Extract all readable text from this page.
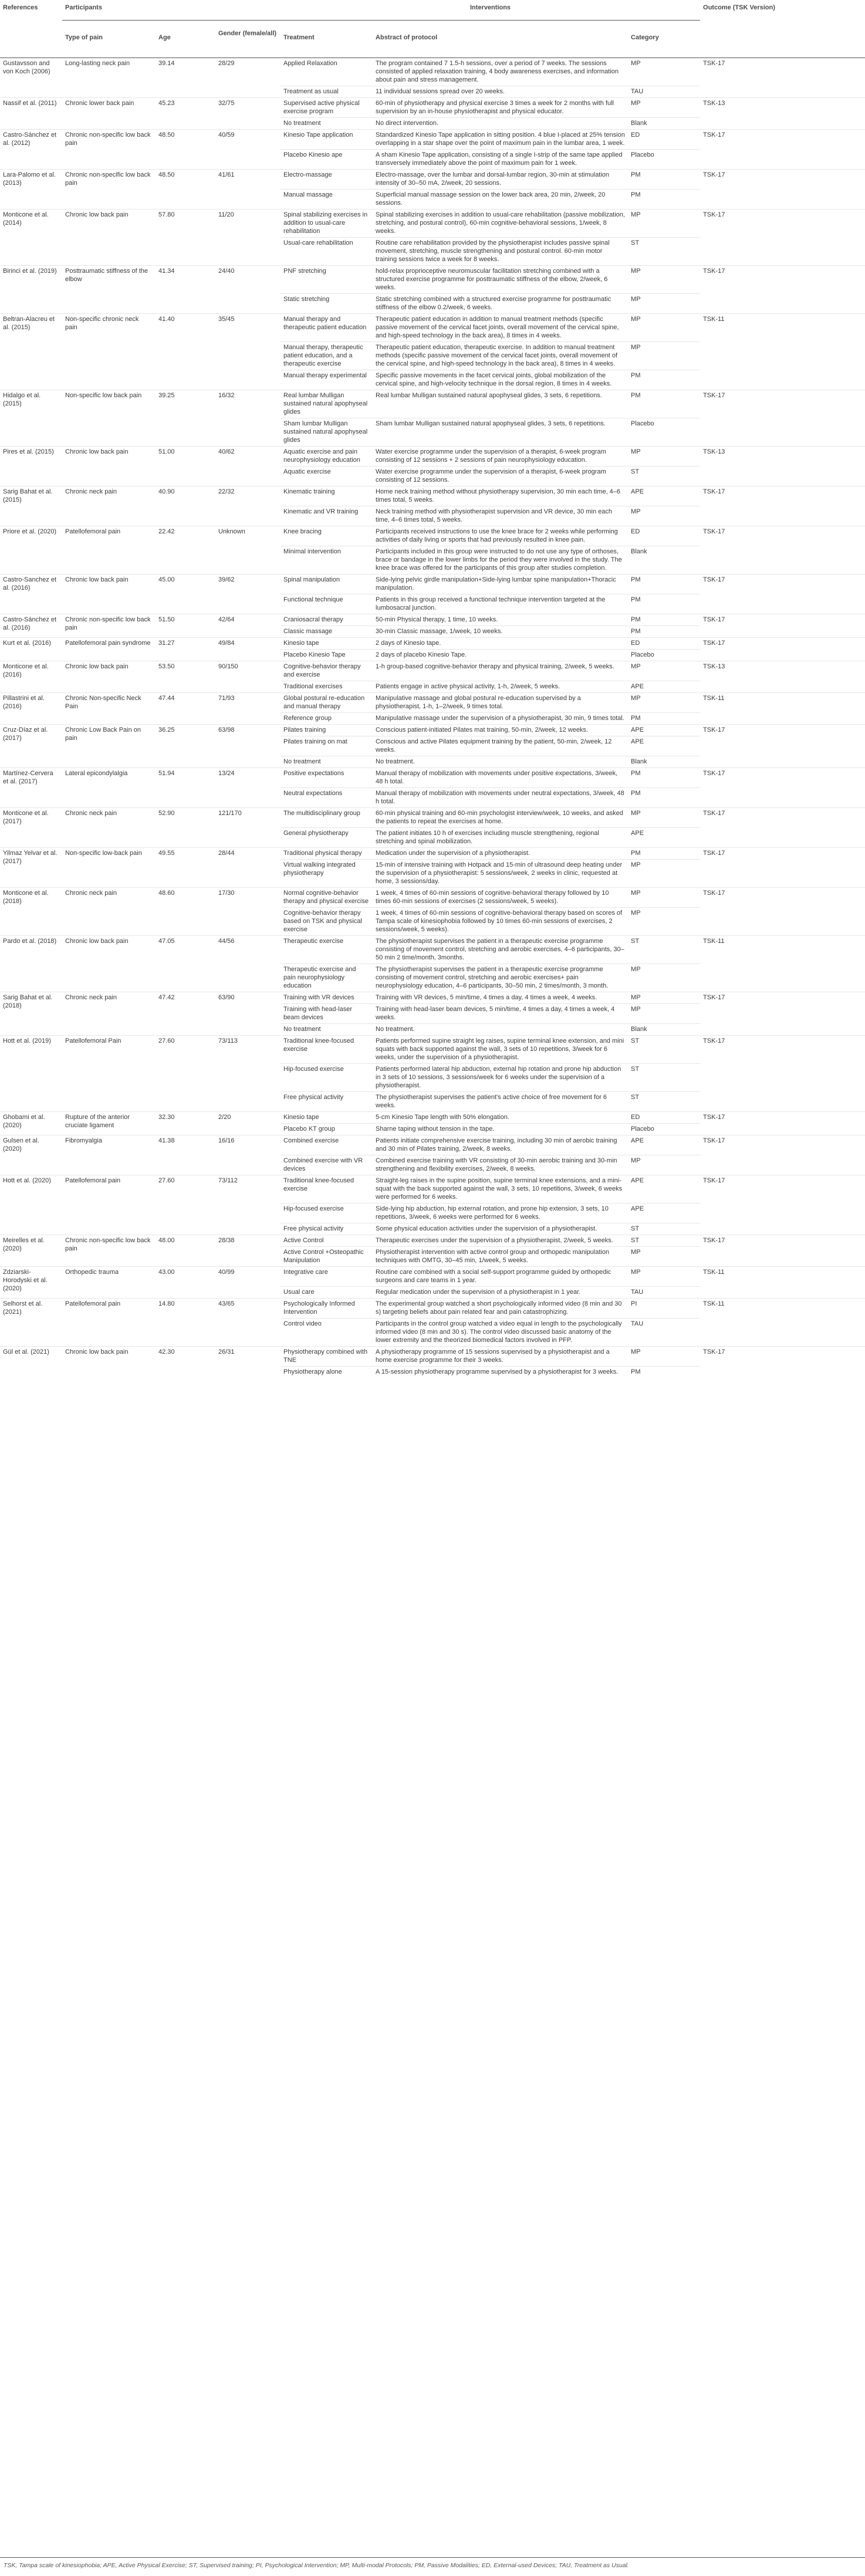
References	Participants			Interventions			Outcome (TSK Version)
	Type of pain	Age	Gender (female/all)	Treatment	Abstract of protocol	Category	
Gustavsson and von Koch (2006)	Long-lasting neck pain	39.14	28/29	Applied Relaxation	The program contained 7 1.5-h sessions, over a period of 7 weeks. The sessions consisted of applied relaxation training, 4 body awareness exercises, and information about pain and stress management.	MP	TSK-17
				Treatment as usual	11 individual sessions spread over 20 weeks.	TAU	
Nassif et al. (2011)	Chronic lower back pain	45.23	32/75	Supervised active physical exercise program	60-min of physiotherapy and physical exercise 3 times a week for 2 months with full supervision by an in-house physiotherapist and physical educator.	MP	TSK-13
				No treatment	No direct intervention.	Blank	
Castro-Sánchez et al. (2012)	Chronic non-specific low back pain	48.50	40/59	Kinesio Tape application	Standardized Kinesio Tape application in sitting position. 4 blue I-placed at 25% tension overlapping in a star shape over the point of maximum pain in the lumbar area, 1 week.	ED	TSK-17
				Placebo Kinesio ape	A sham Kinesio Tape application, consisting of a single I-strip of the same tape applied transversely immediately above the point of maximum pain for 1 week.	Placebo	
Lara-Palomo et al. (2013)	Chronic non-specific low back pain	48.50	41/61	Electro-massage	Electro-massage, over the lumbar and dorsal-lumbar region, 30-min at stimulation intensity of 30–50 mA, 2/week, 20 sessions.	PM	TSK-17
				Manual massage	Superficial manual massage session on the lower back area, 20 min, 2/week, 20 sessions.	PM	
Monticone et al. (2014)	Chronic low back pain	57.80	11/20	Spinal stabilizing exercises in addition to usual-care rehabilitation	Spinal stabilizing exercises in addition to usual-care rehabilitation (passive mobilization, stretching, and postural control), 60-min cognitive-behavioral sessions, 1/week, 8 weeks.	MP	TSK-17
				Usual-care rehabilitation	Routine care rehabilitation provided by the physiotherapist includes passive spinal movement, stretching, muscle strengthening and postural control. 60-min motor training sessions twice a week for 8 weeks.	ST	
Birinci et al. (2019)	Posttraumatic stiffness of the elbow	41.34	24/40	PNF stretching	hold-relax proprioceptive neuromuscular facilitation stretching combined with a structured exercise programme for posttraumatic stiffness of the elbow, 2/week, 6 weeks.	MP	TSK-17
				Static stretching	Static stretching combined with a structured exercise programme for posttraumatic stiffness of the elbow 0.2/week, 6 weeks.	MP	
Beltran-Alacreu et al. (2015)	Non-specific chronic neck pain	41.40	35/45	Manual therapy and therapeutic patient education	Therapeutic patient education in addition to manual treatment methods (specific passive movement of the cervical facet joints, overall movement of the cervical spine, and high-speed technology in the back area), 8 times in 4 weeks.	MP	TSK-11
				Manual therapy, therapeutic patient education, and a therapeutic exercise	Therapeutic patient education, therapeutic exercise. In addition to manual treatment methods (specific passive movement of the cervical facet joints, overall movement of the cervical spine, and high-speed technology in the back area), 8 times in 4 weeks.	MP	
				Manual therapy experimental	Specific passive movements in the facet cervical joints, global mobilization of the cervical spine, and high-velocity technique in the dorsal region, 8 times in 4 weeks.	PM	
Hidalgo et al. (2015)	Non-specific low back pain	39.25	16/32	Real lumbar Mulligan sustained natural apophyseal glides	Real lumbar Mulligan sustained natural apophyseal glides, 3 sets, 6 repetitions.	PM	TSK-17
				Sham lumbar Mulligan sustained natural apophyseal glides	Sham lumbar Mulligan sustained natural apophyseal glides, 3 sets, 6 repetitions.	Placebo	
Pires et al. (2015)	Chronic low back pain	51.00	40/62	Aquatic exercise and pain neurophysiology education	Water exercise programme under the supervision of a therapist, 6-week program consisting of 12 sessions + 2 sessions of pain neurophysiology education.	MP	TSK-13
				Aquatic exercise	Water exercise programme under the supervision of a therapist, 6-week program consisting of 12 sessions.	ST	
Sarig Bahat et al. (2015)	Chronic neck pain	40.90	22/32	Kinematic training	Home neck training method without physiotherapy supervision, 30 min each time, 4–6 times total, 5 weeks.	APE	TSK-17
				Kinematic and VR training	Neck training method with physiotherapist supervision and VR device, 30 min each time, 4–6 times total, 5 weeks.	MP	
Priore et al. (2020)	Patellofemoral pain	22.42	Unknown	Knee bracing	Participants received instructions to use the knee brace for 2 weeks while performing activities of daily living or sports that had previously resulted in knee pain.	ED	TSK-17
				Minimal intervention	Participants included in this group were instructed to do not use any type of orthoses, brace or bandage in the lower limbs for the period they were involved in the study. The knee brace was offered for the participants of this group after studies completion.	Blank	
Castro-Sanchez et al. (2016)	Chronic low back pain	45.00	39/62	Spinal manipulation	Side-lying pelvic girdle manipulation+Side-lying lumbar spine manipulation+Thoracic manipulation.	PM	TSK-17
				Functional technique	Patients in this group received a functional technique intervention targeted at the lumbosacral junction.	PM	
Castro-Sánchez et al. (2016)	Chronic non-specific low back pain	51.50	42/64	Craniosacral therapy	50-min Physical therapy, 1 time, 10 weeks.	PM	TSK-17
				Classic massage	30-min Classic massage, 1/week, 10 weeks.	PM	
Kurt et al. (2016)	Patellofemoral pain syndrome	31.27	49/84	Kinesio tape	2 days of Kinesio tape.	ED	TSK-17
				Placebo Kinesio Tape	2 days of placebo Kinesio Tape.	Placebo	
Monticone et al. (2016)	Chronic low back pain	53.50	90/150	Cognitive-behavior therapy and exercise	1-h group-based cognitive-behavior therapy and physical training, 2/week, 5 weeks.	MP	TSK-13
				Traditional exercises	Patients engage in active physical activity, 1-h, 2/week, 5 weeks.	APE	
Pillastrini et al. (2016)	Chronic Non-specific Neck Pain	47.44	71/93	Global postural re-education and manual therapy	Manipulative massage and global postural re-education supervised by a physiotherapist, 1-h, 1–2/week, 9 times total.	MP	TSK-11
				Reference group	Manipulative massage under the supervision of a physiotherapist, 30 min, 9 times total.	PM	
Cruz-Díaz et al. (2017)	Chronic Low Back Pain on pain	36.25	63/98	Pilates training	Conscious patient-initiated Pilates mat training, 50-min, 2/week, 12 weeks.	APE	TSK-17
				Pilates training on mat	Conscious and active Pilates equipment training by the patient, 50-min, 2/week, 12 weeks.	APE	
				No treatment	No treatment.	Blank	
Martínez-Cervera et al. (2017)	Lateral epicondylalgia	51.94	13/24	Positive expectations	Manual therapy of mobilization with movements under positive expectations, 3/week, 48 h total.	PM	TSK-17
				Neutral expectations	Manual therapy of mobilization with movements under neutral expectations, 3/week, 48 h total.	PM	
Monticone et al. (2017)	Chronic neck pain	52.90	121/170	The multidisciplinary group	60-min physical training and 60-min psychologist interview/week, 10 weeks, and asked the patients to repeat the exercises at home.	MP	TSK-17
				General physiotherapy	The patient initiates 10 h of exercises including muscle strengthening, regional stretching and spinal mobilization.	APE	
Yilmaz Yelvar et al. (2017)	Non-specific low-back pain	49.55	28/44	Traditional physical therapy	Medication under the supervision of a physiotherapist.	PM	TSK-17
				Virtual walking integrated physiotherapy	15-min of intensive training with Hotpack and 15-min of ultrasound deep heating under the supervision of a physiotherapist: 5 sessions/week, 2 weeks in clinic, requested at home, 3 sessions/day.	MP	
Monticone et al. (2018)	Chronic neck pain	48.60	17/30	Normal cognitive-behavior therapy and physical exercise	1 week, 4 times of 60-min sessions of cognitive-behavioral therapy followed by 10 times 60-min sessions of exercises (2 sessions/week, 5 weeks).	MP	TSK-17
				Cognitive-behavior therapy based on TSK and physical exercise	1 week, 4 times of 60-min sessions of cognitive-behavioral therapy based on scores of Tampa scale of kinesiophobia followed by 10 times 60-min sessions of exercises, 2 sessions/week, 5 weeks).	MP	
Pardo et al. (2018)	Chronic low back pain	47.05	44/56	Therapeutic exercise	The physiotherapist supervises the patient in a therapeutic exercise programme consisting of movement control, stretching and aerobic exercises, 4–6 participants, 30–50 min 2 time/month, 3months.	ST	TSK-11
				Therapeutic exercise and pain neurophysiology education	The physiotherapist supervises the patient in a therapeutic exercise programme consisting of movement control, stretching and aerobic exercises+ pain neurophysiology education, 4–6 participants, 30–50 min, 2 times/month, 3 month.	MP	
Sarig Bahat et al. (2018)	Chronic neck pain	47.42	63/90	Training with VR devices	Training with VR devices, 5 min/time, 4 times a day, 4 times a week, 4 weeks.	MP	TSK-17
				Training with head-laser beam devices	Training with head-laser beam devices, 5 min/time, 4 times a day, 4 times a week, 4 weeks.	MP	
				No treatment	No treatment.	Blank	
Hott et al. (2019)	Patellofemoral Pain	27.60	73/113	Traditional knee-focused exercise	Patients performed supine straight leg raises, supine terminal knee extension, and mini squats with back supported against the wall, 3 sets of 10 repetitions, 3/week for 6 weeks, under the supervision of a physiotherapist.	ST	TSK-17
				Hip-focused exercise	Patients performed lateral hip abduction, external hip rotation and prone hip abduction in 3 sets of 10 sessions, 3 sessions/week for 6 weeks under the supervision of a physiotherapist.	ST	
				Free physical activity	The physiotherapist supervises the patient's active choice of free movement for 6 weeks.	ST	
Ghobami et al. (2020)	Rupture of the anterior cruciate ligament	32.30	2/20	Kinesio tape	5-cm Kinesio Tape length with 50% elongation.	ED	TSK-17
				Placebo KT group	Sharne taping without tension in the tape.	Placebo	
Gulsen et al. (2020)	Fibromyalgia	41.38	16/16	Combined exercise	Patients initiate comprehensive exercise training, including 30 min of aerobic training and 30 min of Pilates training, 2/week, 8 weeks.	APE	TSK-17
				Combined exercise with VR devices	Combined exercise training with VR consisting of 30-min aerobic training and 30-min strengthening and flexibility exercises, 2/week, 8 weeks.	MP	
Hott et al. (2020)	Patellofemoral pain	27.60	73/112	Traditional knee-focused exercise	Straight-leg raises in the supine position, supine terminal knee extensions, and a mini-squat with the back supported against the wall, 3 sets, 10 repetitions, 3/week, 6 weeks were performed for 6 weeks.	APE	TSK-17
				Hip-focused exercise	Side-lying hip abduction, hip external rotation, and prone hip extension, 3 sets, 10 repetitions, 3/week, 6 weeks were performed for 6 weeks.	APE	
				Free physical activity	Some physical education activities under the supervision of a physiotherapist.	ST	
Meirelles et al. (2020)	Chronic non-specific low back pain	48.00	28/38	Active Control	Therapeutic exercises under the supervision of a physiotherapist, 2/week, 5 weeks.	ST	TSK-17
				Active Control +Osteopathic Manipulation	Physiotherapist intervention with active control group and orthopedic manipulation techniques with OMTG, 30–45 min, 1/week, 5 weeks.	MP	
Zdziarski-Horodyski et al. (2020)	Orthopedic trauma	43.00	40/99	Integrative care	Routine care combined with a social self-support programme guided by orthopedic surgeons and care teams in 1 year.	MP	TSK-11
				Usual care	Regular medication under the supervision of a physiotherapist in 1 year.	TAU	
Selhorst et al. (2021)	Patellofemoral pain	14.80	43/65	Psychologically Informed Intervention	The experimental group watched a short psychologically informed video (8 min and 30 s) targeting beliefs about pain related fear and pain catastrophizing.	PI	TSK-11
				Control video	Participants in the control group watched a video equal in length to the psychologically informed video (8 min and 30 s). The control video discussed basic anatomy of the lower extremity and the theorized biomedical factors involved in PFP.	TAU	
Gül et al. (2021)	Chronic low back pain	42.30	26/31	Physiotherapy combined with TNE	A physiotherapy programme of 15 sessions supervised by a physiotherapist and a home exercise programme for their 3 weeks.	MP	TSK-17
				Physiotherapy alone	A 15-session physiotherapy programme supervised by a physiotherapist for 3 weeks.	PM	
TSK, Tampa scale of kinesiophobia; APE, Active Physical Exercise; ST, Supervised training; PI, Psychological Intervention; MP, Multi-modal Protocols; PM, Passive Modalities; ED, External-used Devices; TAU, Treatment as Usual.
